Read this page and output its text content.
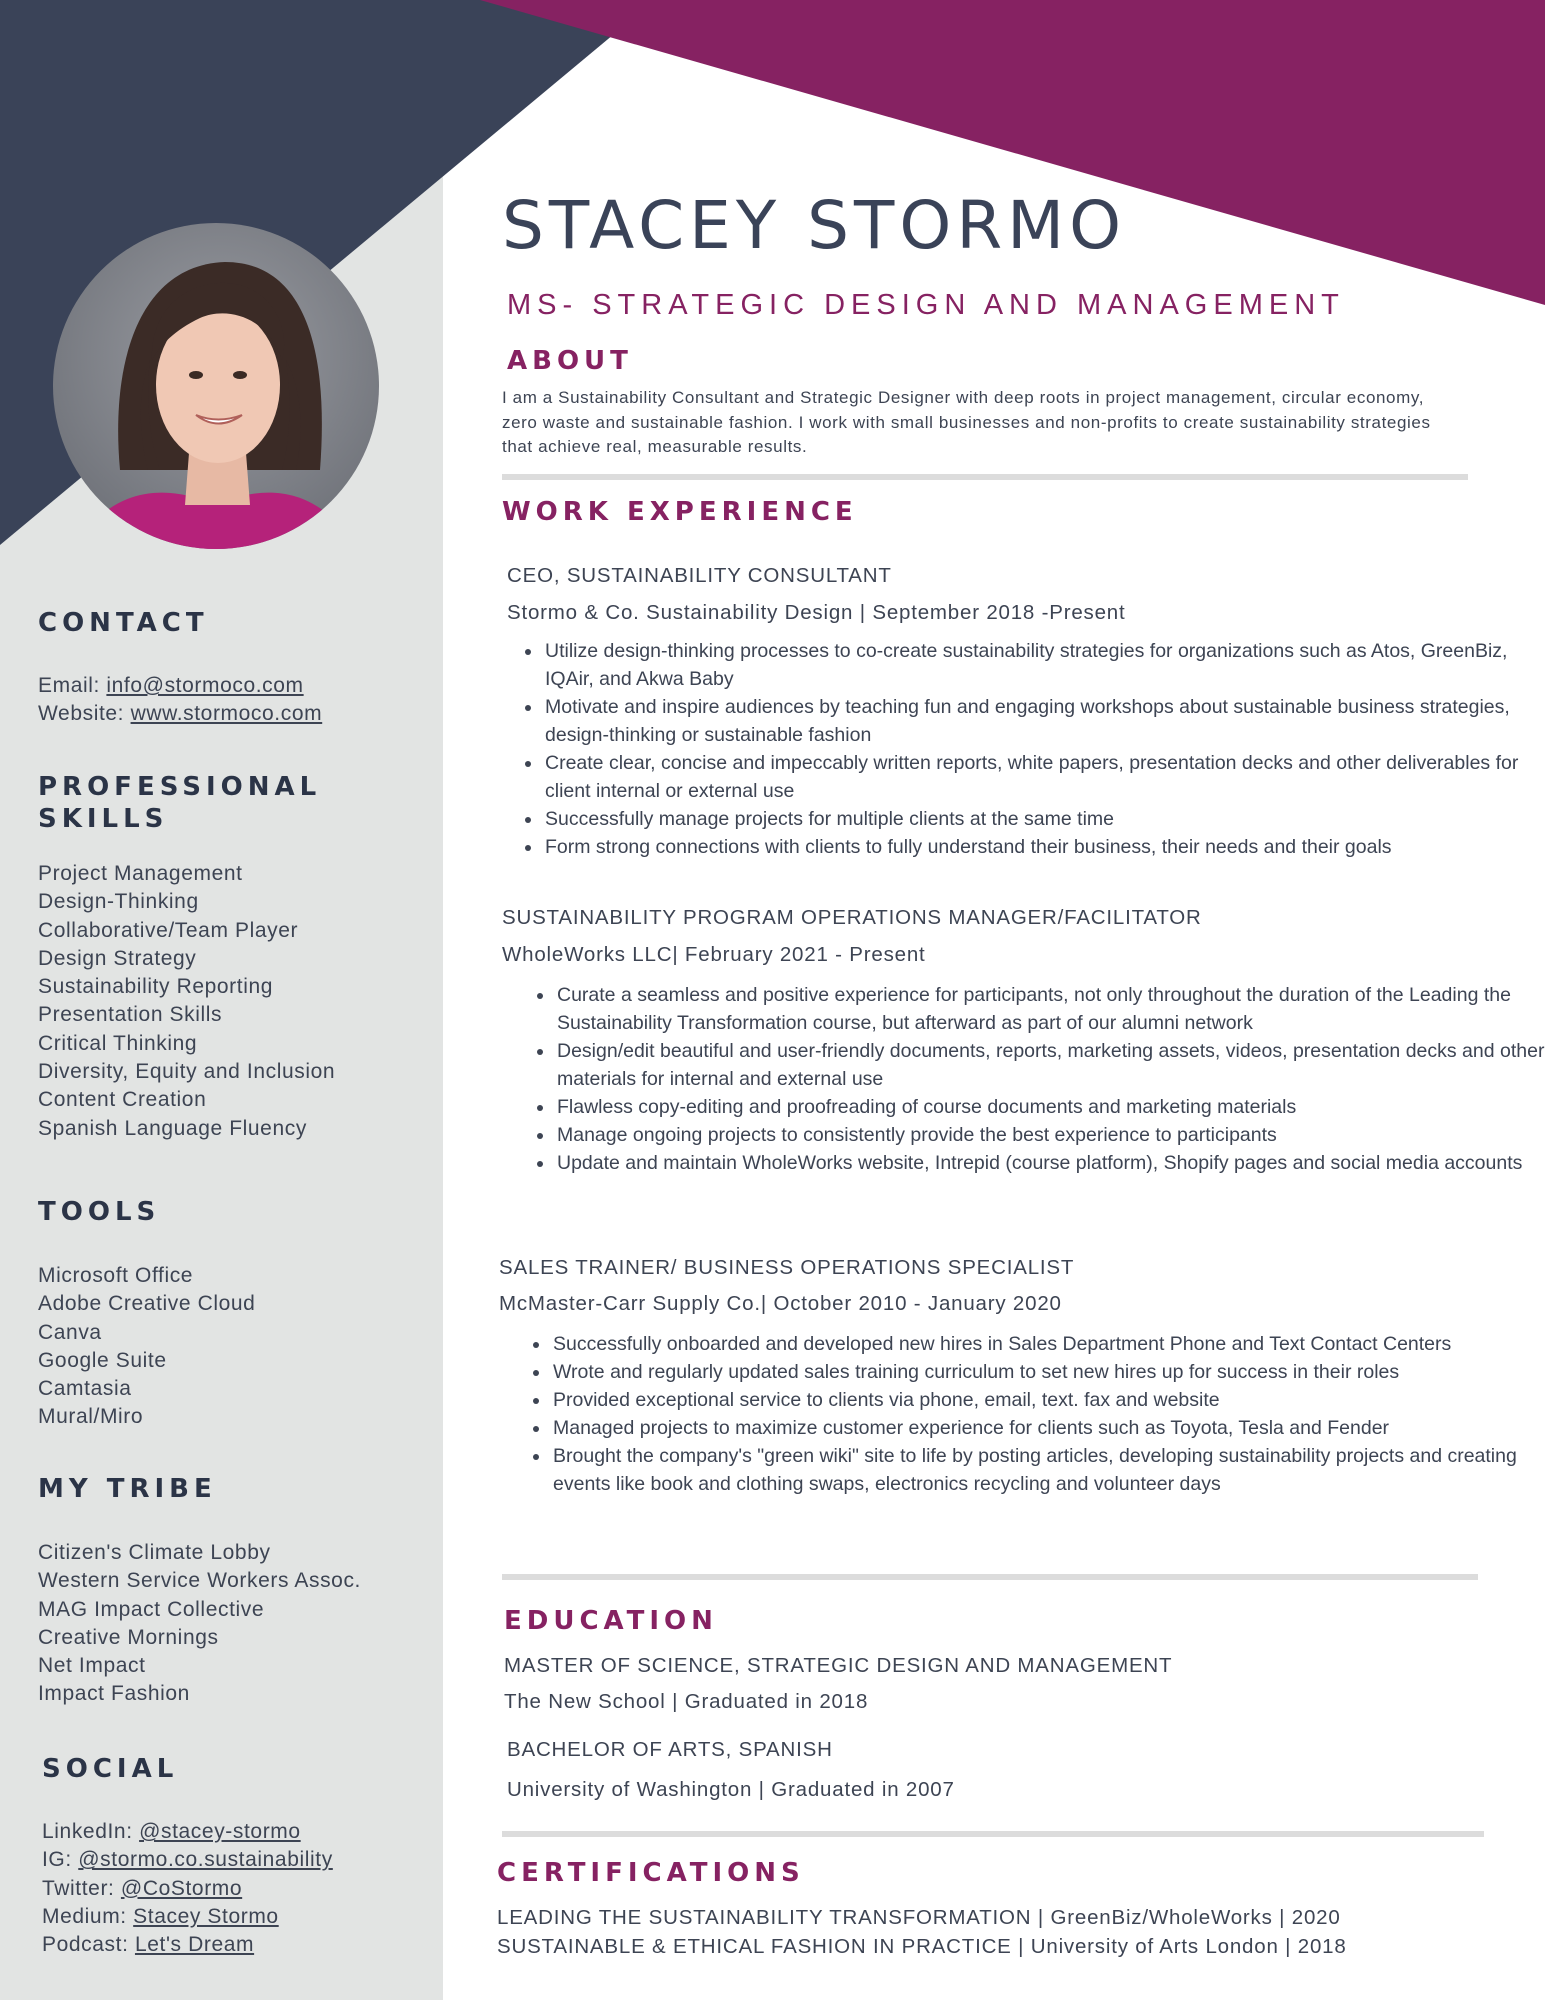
STACEY STORMO
MS- STRATEGIC DESIGN AND MANAGEMENT
ABOUT
I am a Sustainability Consultant and Strategic Designer with deep roots in project management, circular economy, zero waste and sustainable fashion. I work with small businesses and non-profits to create sustainability strategies that achieve real, measurable results.
WORK EXPERIENCE
CEO, SUSTAINABILITY CONSULTANT
Stormo & Co. Sustainability Design | September 2018 -Present
• Utilize design-thinking processes to co-create sustainability strategies for organizations such as Atos, GreenBiz, IQAir, and Akwa Baby
• Motivate and inspire audiences by teaching fun and engaging workshops about sustainable business strategies, design-thinking or sustainable fashion
• Create clear, concise and impeccably written reports, white papers, presentation decks and other deliverables for client internal or external use
• Successfully manage projects for multiple clients at the same time
• Form strong connections with clients to fully understand their business, their needs and their goals
SUSTAINABILITY PROGRAM OPERATIONS MANAGER/FACILITATOR
WholeWorks LLC| February 2021 - Present
• Curate a seamless and positive experience for participants, not only throughout the duration of the Leading the Sustainability Transformation course, but afterward as part of our alumni network
• Design/edit beautiful and user-friendly documents, reports, marketing assets, videos, presentation decks and other materials for internal and external use
• Flawless copy-editing and proofreading of course documents and marketing materials
• Manage ongoing projects to consistently provide the best experience to participants
• Update and maintain WholeWorks website, Intrepid (course platform), Shopify pages and social media accounts
SALES TRAINER/ BUSINESS OPERATIONS SPECIALIST
McMaster-Carr Supply Co.| October 2010 - January 2020
• Successfully onboarded and developed new hires in Sales Department Phone and Text Contact Centers
• Wrote and regularly updated sales training curriculum to set new hires up for success in their roles
• Provided exceptional service to clients via phone, email, text. fax and website
• Managed projects to maximize customer experience for clients such as Toyota, Tesla and Fender
• Brought the company's "green wiki" site to life by posting articles, developing sustainability projects and creating events like book and clothing swaps, electronics recycling and volunteer days
EDUCATION
MASTER OF SCIENCE, STRATEGIC DESIGN AND MANAGEMENT
The New School | Graduated in 2018
BACHELOR OF ARTS, SPANISH
University of Washington | Graduated in 2007
CERTIFICATIONS
LEADING THE SUSTAINABILITY TRANSFORMATION | GreenBiz/WholeWorks | 2020
SUSTAINABLE & ETHICAL FASHION IN PRACTICE | University of Arts London | 2018
CONTACT
Email: info@stormoco.com
Website: www.stormoco.com
PROFESSIONAL
SKILLS
Project Management
Design-Thinking
Collaborative/Team Player
Design Strategy
Sustainability Reporting
Presentation Skills
Critical Thinking
Diversity, Equity and Inclusion
Content Creation
Spanish Language Fluency
TOOLS
Microsoft Office
Adobe Creative Cloud
Canva
Google Suite
Camtasia
Mural/Miro
MY TRIBE
Citizen's Climate Lobby
Western Service Workers Assoc.
MAG Impact Collective
Creative Mornings
Net Impact
Impact Fashion
SOCIAL
LinkedIn: @stacey-stormo
IG: @stormo.co.sustainability
Twitter: @CoStormo
Medium: Stacey Stormo
Podcast: Let's Dream
